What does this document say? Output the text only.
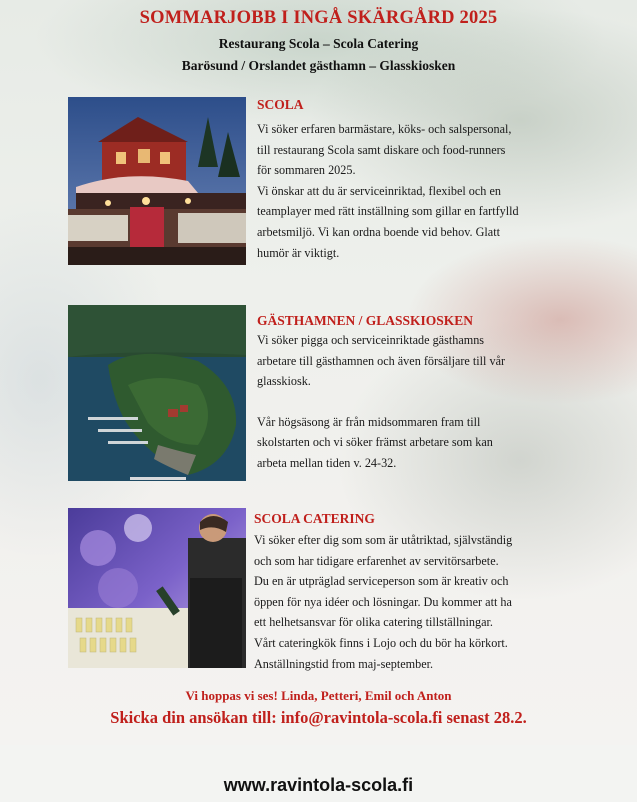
SOMMARJOBB I INGÅ SKÄRGÅRD 2025
Restaurang Scola – Scola Catering
Barösund / Orslandet gästhamn – Glasskiosken
SCOLA

Vi söker erfaren barmästare, köks- och salspersonal,

till restaurang Scola samt diskare och food-runners

för sommaren 2025.

Vi önskar att du är serviceinriktad, flexibel och en

teamplayer med rätt inställning som gillar en fartfylld

arbetsmiljö. Vi kan ordna boende vid behov. Glatt

humör är viktigt.

GÄSTHAMNEN / GLASSKIOSKEN

Vi söker pigga och serviceinriktade gästhamns

arbetare till gästhamnen och även försäljare till vår

glasskiosk.

Vår högsäsong är från midsommaren fram till

skolstarten och vi söker främst arbetare som kan

arbeta mellan tiden v. 24-32.

SCOLA CATERING

Vi söker efter dig som som är utåtriktad, självständig

och som har tidigare erfarenhet av servitörsarbete.

Du en är utpräglad serviceperson som är kreativ och

öppen för nya idéer och lösningar. Du kommer att ha

ett helhetsansvar för olika catering tillställningar.

Vårt cateringkök finns i Lojo och du bör ha körkort.

Anställningstid from maj-september.

Vi hoppas vi ses! Linda, Petteri, Emil och Anton
Skicka din ansökan till: info@ravintola-scola.fi senast 28.2.
www.ravintola-scola.fi
